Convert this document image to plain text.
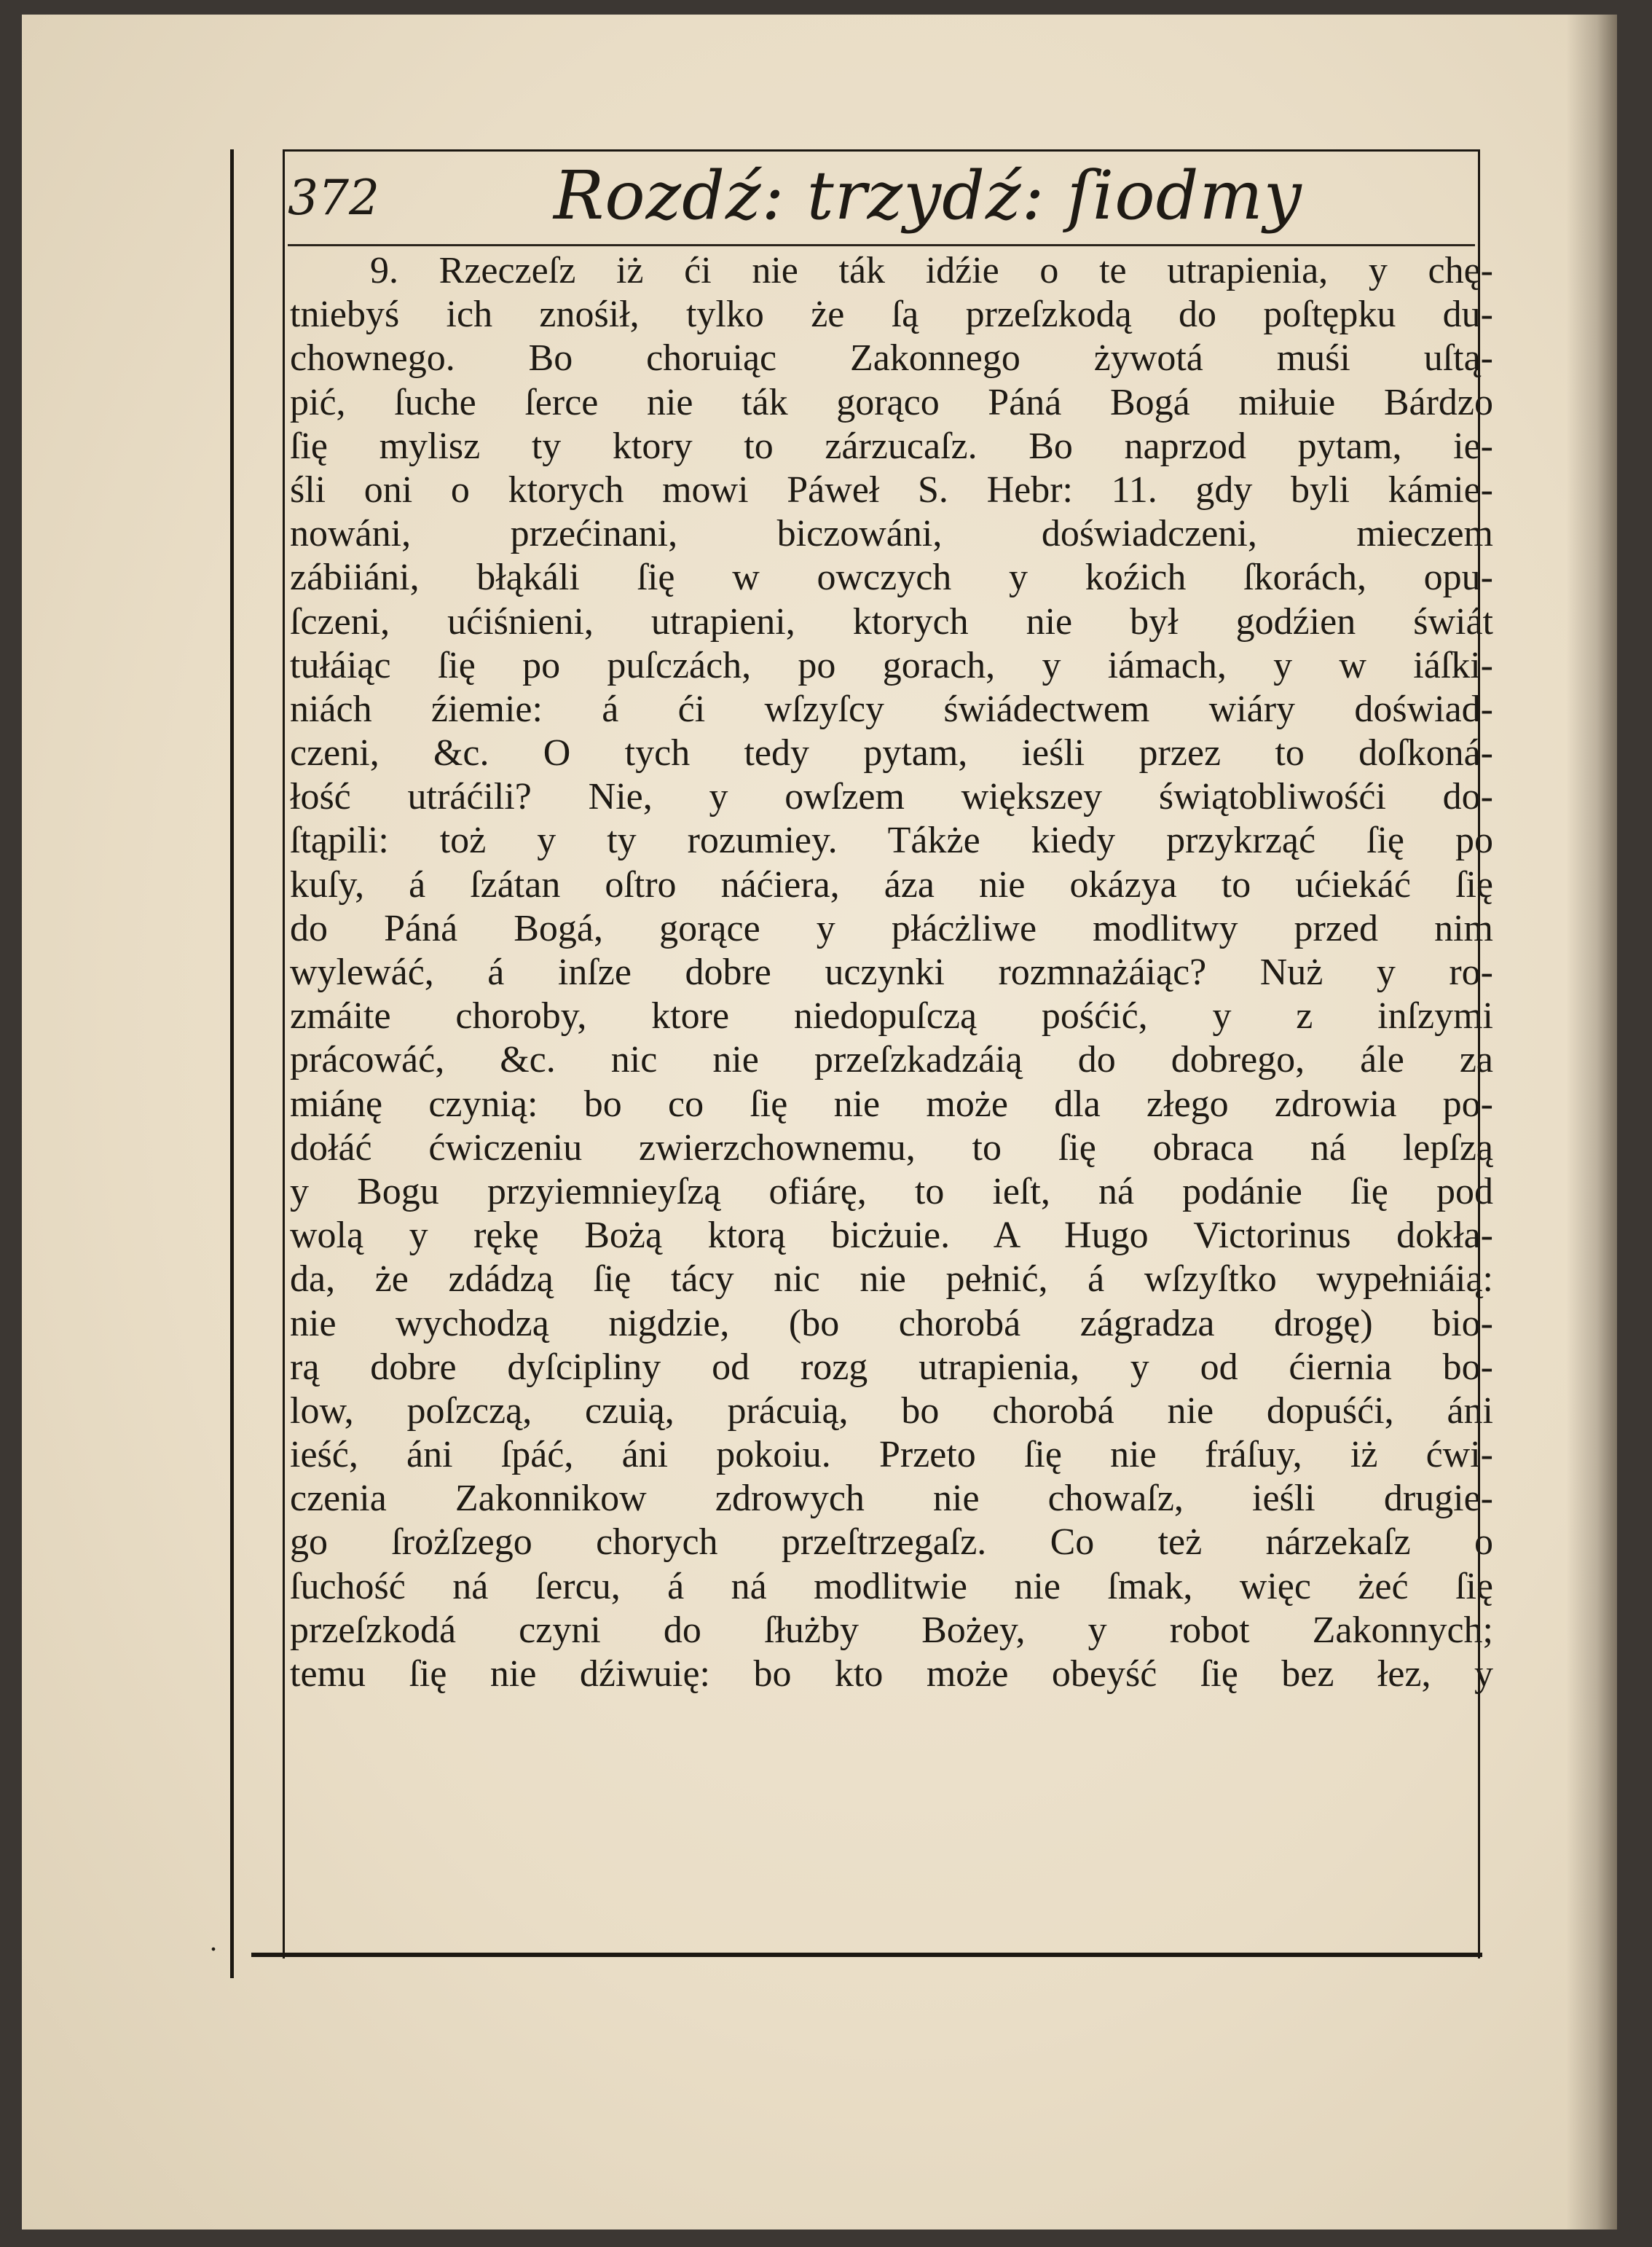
372	Rozdź: trzydź: ſiodmy
9. Rzeczeſz iż ći nie ták idźie o te utrapienia, y chę-
tniebyś ich znośił, tylko że ſą przeſzkodą do poſtępku du-
chownego. Bo choruiąc Zakonnego żywotá muśi uſtą-
pić, ſuche ſerce nie ták gorąco Páná Bogá miłuie Bárdzo
ſię mylisz ty ktory to zárzucaſz. Bo naprzod pytam, ie-
śli oni o ktorych mowi Páweł S. Hebr: 11. gdy byli kámie-
nowáni, przećinani, biczowáni, doświadczeni, mieczem
zábiiáni, błąkáli ſię w owczych y koźich ſkorách, opu-
ſczeni, ućiśnieni, utrapieni, ktorych nie był godźien świát
tułáiąc ſię po puſczách, po gorach, y iámach, y w iáſki-
niách źiemie: á ći wſzyſcy świádectwem wiáry doświad-
czeni, &c. O tych tedy pytam, ieśli przez to doſkoná-
łość utráćili? Nie, y owſzem większey świątobliwośći do-
ſtąpili: toż y ty rozumiey. Tákże kiedy przykrząć ſię po
kuſy, á ſzátan oſtro náćiera, áza nie okázya to ućiekáć ſię
do Páná Bogá, gorące y płácżliwe modlitwy przed nim
wylewáć, á inſze dobre uczynki rozmnażáiąc? Nuż y ro-
zmáite choroby, ktore niedopuſczą pośćić, y z inſzymi
prácowáć, &c. nic nie przeſzkadzáią do dobrego, ále za
miánę czynią: bo co ſię nie może dla złego zdrowia po-
dołáć ćwiczeniu zwierzchownemu, to ſię obraca ná lepſzą
y Bogu przyiemnieyſzą ofiárę, to ieſt, ná podánie ſię pod
wolą y rękę Bożą ktorą bicżuie. A Hugo Victorinus dokła-
da, że zdádzą ſię tácy nic nie pełnić, á wſzyſtko wypełniáią:
nie wychodzą nigdzie, (bo chorobá zágradza drogę) bio-
rą dobre dyſcipliny od rozg utrapienia, y od ćiernia bo-
low, poſzczą, czuią, prácuią, bo chorobá nie dopuśći, áni
ieść, áni ſpáć, áni pokoiu. Przeto ſię nie fráſuy, iż ćwi-
czenia Zakonnikow zdrowych nie chowaſz, ieśli drugie-
go ſrożſzego chorych przeſtrzegaſz. Co też nárzekaſz o
ſuchość ná ſercu, á ná modlitwie nie ſmak, więc żeć ſię
przeſzkodá czyni do ſłużby Bożey, y robot Zakonnych;
temu ſię nie dźiwuię: bo kto może obeyść ſię bez łez, y
.
